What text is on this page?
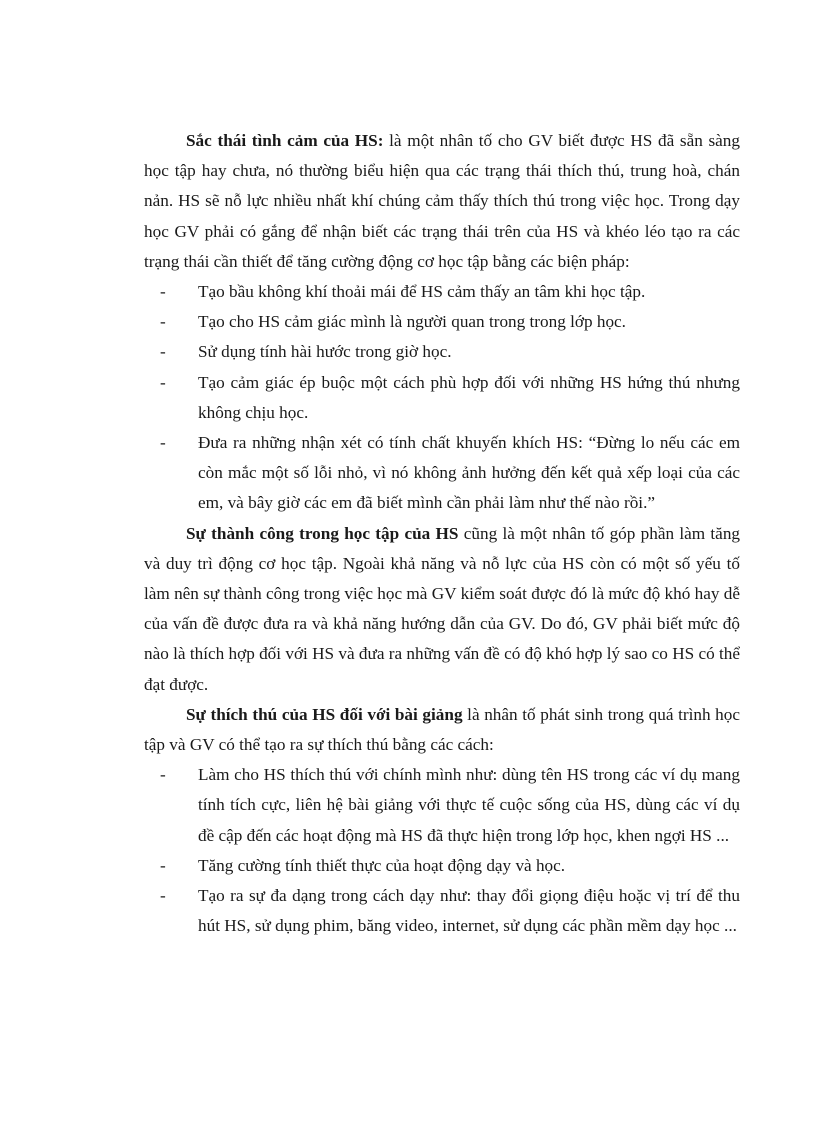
Sắc thái tình cảm của HS: là một nhân tố cho GV biết được HS đã sẵn sàng học tập hay chưa, nó thường biểu hiện qua các trạng thái thích thú, trung hoà, chán nản. HS sẽ nỗ lực nhiều nhất khí chúng cảm thấy thích thú trong việc học. Trong dạy học GV phải có gắng để nhận biết các trạng thái trên của HS và khéo léo tạo ra các trạng thái cần thiết để tăng cường động cơ học tập bằng các biện pháp:

- Tạo bầu không khí thoải mái để HS cảm thấy an tâm khi học tập.
- Tạo cho HS cảm giác mình là người quan trong trong lớp học.
- Sử dụng tính hài hước trong giờ học.
- Tạo cảm giác ép buộc một cách phù hợp đối với những HS hứng thú nhưng không chịu học.
- Đưa ra những nhận xét có tính chất khuyến khích HS: “Đừng lo nếu các em còn mắc một số lỗi nhỏ, vì nó không ảnh hưởng đến kết quả xếp loại của các em, và bây giờ các em đã biết mình cần phải làm như thế nào rồi.”

Sự thành công trong học tập của HS cũng là một nhân tố góp phần làm tăng và duy trì động cơ học tập. Ngoài khả năng và nỗ lực của HS còn có một số yếu tố làm nên sự thành công trong việc học mà GV kiểm soát được đó là mức độ khó hay dễ của vấn đề được đưa ra và khả năng hướng dẫn của GV. Do đó, GV phải biết mức độ nào là thích hợp đối với HS và đưa ra những vấn đề có độ khó hợp lý sao co HS có thể đạt được.

Sự thích thú của HS đối với bài giảng là nhân tố phát sinh trong quá trình học tập và GV có thể tạo ra sự thích thú bằng các cách:

- Làm cho HS thích thú với chính mình như: dùng tên HS trong các ví dụ mang tính tích cực, liên hệ bài giảng với thực tế cuộc sống của HS, dùng các ví dụ đề cập đến các hoạt động mà HS đã thực hiện trong lớp học, khen ngợi HS ...
- Tăng cường tính thiết thực của hoạt động dạy và học.
- Tạo ra sự đa dạng trong cách dạy như: thay đổi giọng điệu hoặc vị trí để thu hút HS, sử dụng phim, băng video, internet, sử dụng các phần mềm dạy học ...
